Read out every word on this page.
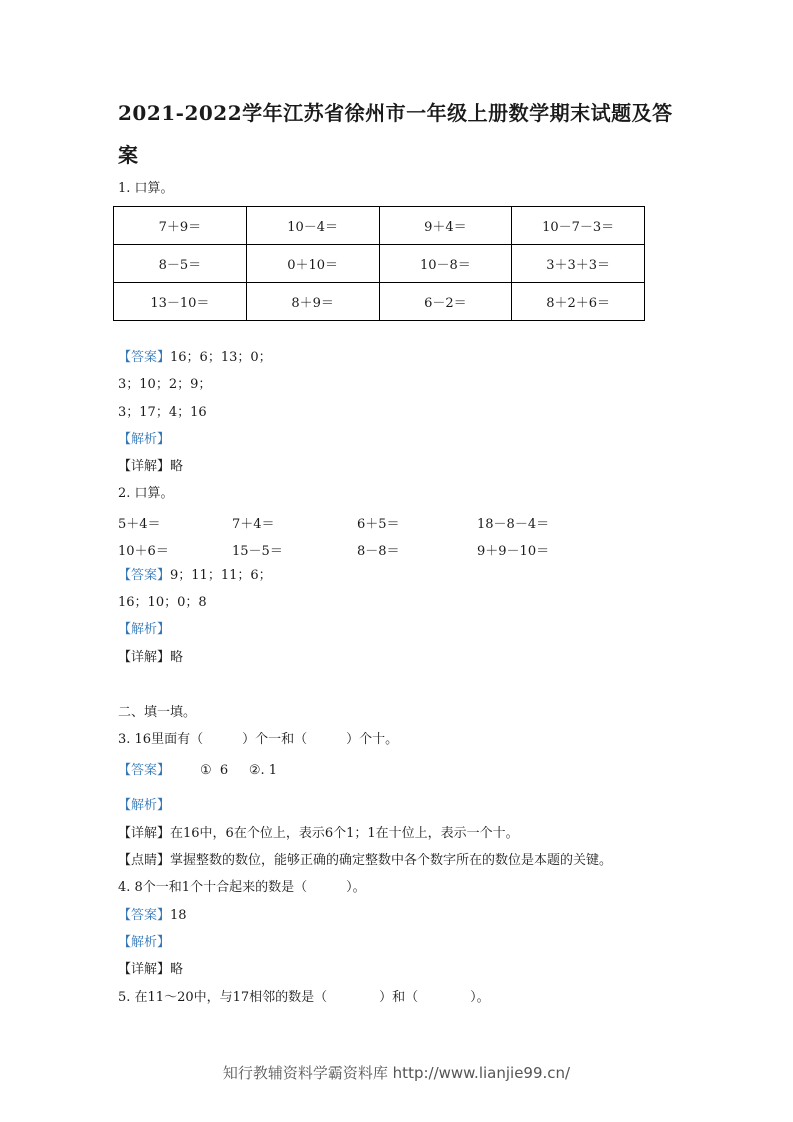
2021-2022学年江苏省徐州市一年级上册数学期末试题及答案
1. 口算。
7＋9＝	10－4＝	9＋4＝	10－7－3＝
8－5＝	0＋10＝	10－8＝	3＋3＋3＝
13－10＝	8＋9＝	6－2＝	8＋2＋6＝
【答案】16；6；13；0；
3；10；2；9；
3；17；4；16
【解析】
【详解】略
2. 口算。
5＋4＝	7＋4＝	6＋5＝	18－8－4＝
10＋6＝	15－5＝	8－8＝	9＋9－10＝
【答案】9；11；11；6；
16；10；0；8
【解析】
【详解】略
二、填一填。
3. 16里面有（　　　）个一和（　　　）个十。
【答案】 ①  6     ②. 1
【解析】
【详解】在16中，6在个位上，表示6个1；1在十位上，表示一个十。
【点睛】掌握整数的数位，能够正确的确定整数中各个数字所在的数位是本题的关键。
4. 8个一和1个十合起来的数是（　　　）。
【答案】18
【解析】
【详解】略
5. 在11～20中，与17相邻的数是（　　　　）和（　　　　）。
知行教辅资料学霸资料库 http://www.lianjie99.cn/
